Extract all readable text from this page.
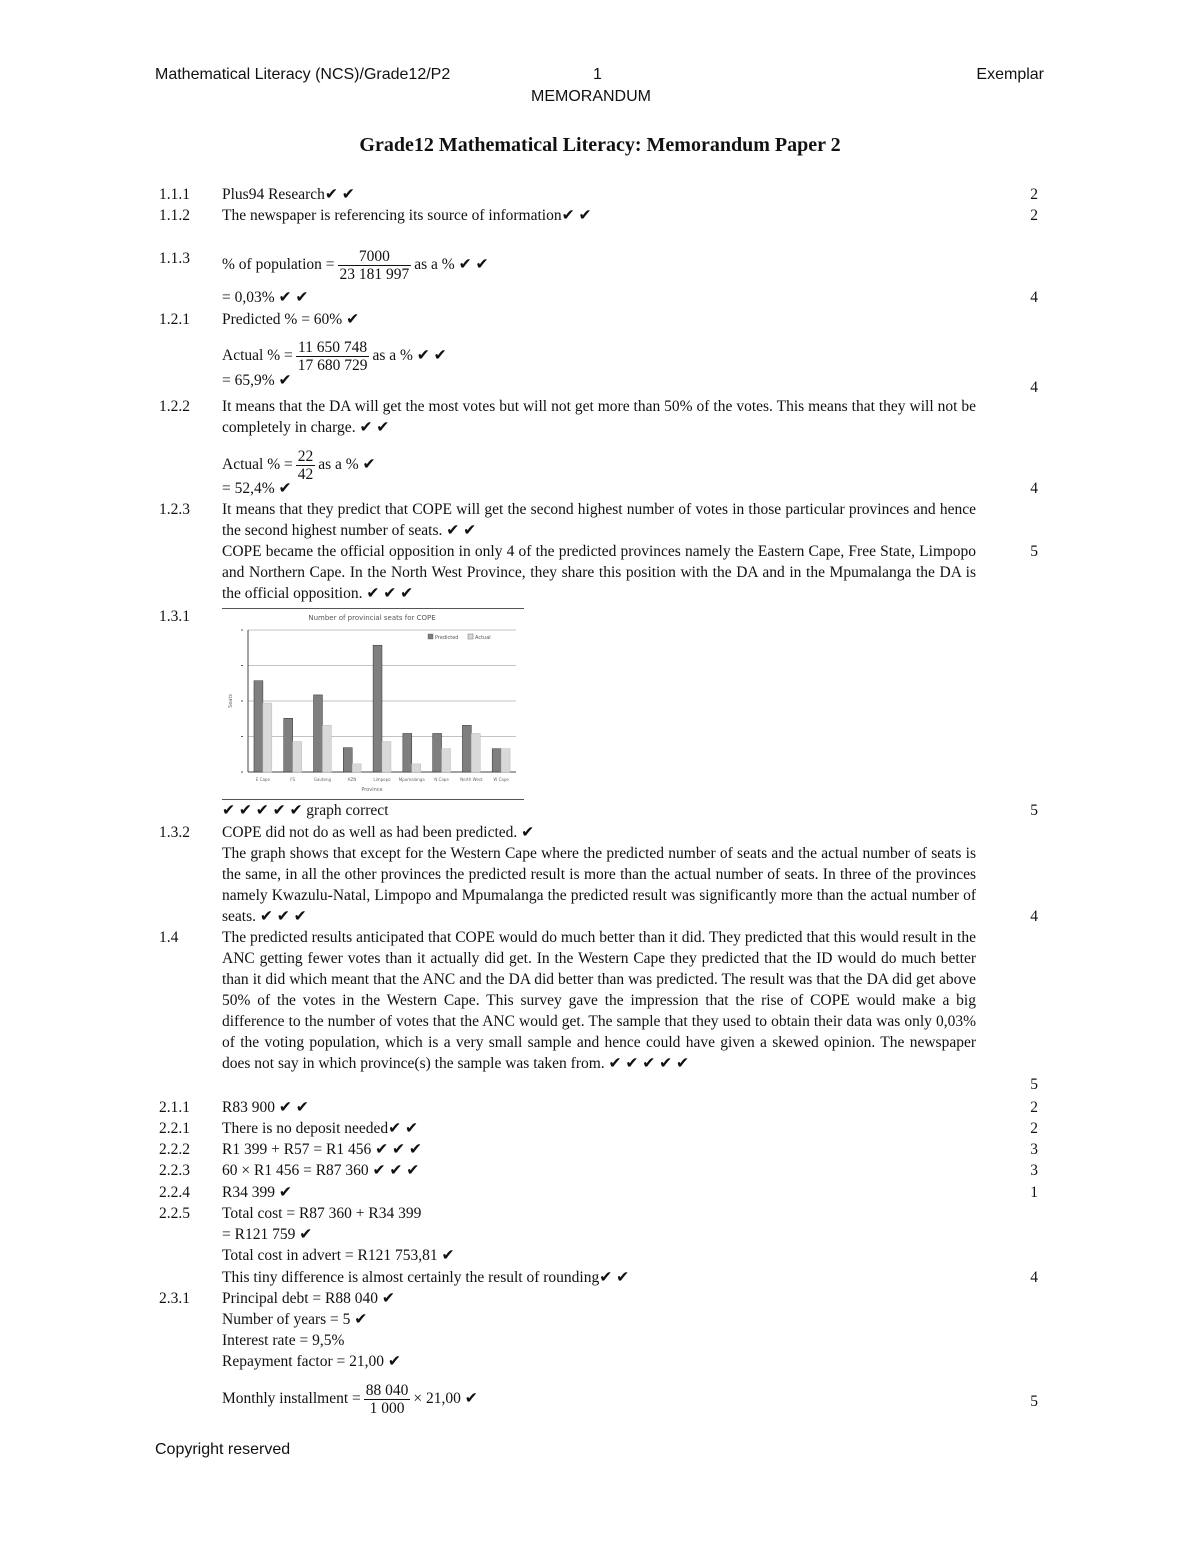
Mathematical Literacy (NCS)/Grade12/P2	1	Exemplar
MEMORANDUM
Grade12 Mathematical Literacy: Memorandum Paper 2
1.1.1 Plus94 Research✔ ✔	2
1.1.2 The newspaper is referencing its source of information✔ ✔	2
1.1.3 % of population = $\frac{7000}{23 181 997}$ as a % ✔ ✔
= 0,03% ✔ ✔	4
1.2.1 Predicted % = 60% ✔
Actual % = $\frac{11 650 748}{17 680 729}$ as a % ✔ ✔
= 65,9% ✔	4
1.2.2 It means that the DA will get the most votes but will not get more than 50% of the votes. This means that they will not be completely in charge. ✔ ✔
Actual % = $\frac{22}{42}$ as a % ✔
= 52,4% ✔	4
1.2.3 It means that they predict that COPE will get the second highest number of votes in those particular provinces and hence the second highest number of seats. ✔ ✔
COPE became the official opposition in only 4 of the predicted provinces namely the Eastern Cape, Free State, Limpopo and Northern Cape. In the North West Province, they share this position with the DA and in the Mpumalanga the DA is the official opposition. ✔ ✔ ✔
5
1.3.1
✔ ✔ ✔ ✔ ✔ graph correct	5
1.3.2 COPE did not do as well as had been predicted. ✔
The graph shows that except for the Western Cape where the predicted number of seats and the actual number of seats is the same, in all the other provinces the predicted result is more than the actual number of seats. In three of the provinces namely Kwazulu-Natal, Limpopo and Mpumalanga the predicted result was significantly more than the actual number of seats. ✔ ✔ ✔	4
1.4	The predicted results anticipated that COPE would do much better than it did. They predicted that this would result in the ANC getting fewer votes than it actually did get. In the Western Cape they predicted that the ID would do much better than it did which meant that the ANC and the DA did better than was predicted. The result was that the DA did get above 50% of the votes in the Western Cape. This survey gave the impression that the rise of COPE would make a big difference to the number of votes that the ANC would get. The sample that they used to obtain their data was only 0,03% of the voting population, which is a very small sample and hence could have given a skewed opinion. The newspaper does not say in which province(s) the sample was taken from. ✔ ✔ ✔ ✔ ✔
5
2.1.1 R83 900 ✔ ✔	2
2.2.1 There is no deposit needed✔ ✔	2
2.2.2 R1 399 + R57 = R1 456 ✔ ✔ ✔	3
2.2.3 60 × R1 456 = R87 360 ✔ ✔ ✔	3
2.2.4 R34 399 ✔	1
2.2.5 Total cost = R87 360 + R34 399
= R121 759 ✔
Total cost in advert = R121 753,81 ✔
This tiny difference is almost certainly the result of rounding✔ ✔	4
2.3.1 Principal debt = R88 040 ✔
Number of years = 5 ✔
Interest rate = 9,5%
Repayment factor = 21,00 ✔
Monthly installment = $\frac{88 040}{1 000} \times 21,00$ ✔	5
Number of provincial seats for COPE
Province
Seats
Predicted	Actual
E Cape	FS	Gauteng	KZN	Limpopo Mpumalanga N Cape	North West	W Cape
Copyright reserved
